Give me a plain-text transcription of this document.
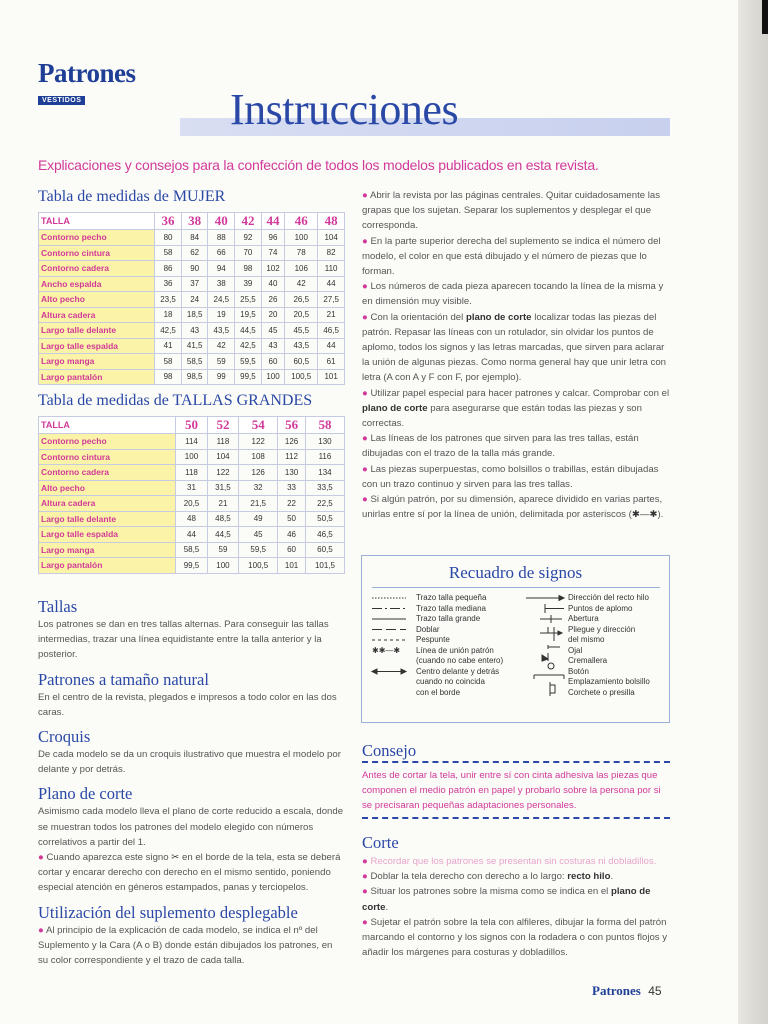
Patrones
VESTIDOS	Instrucciones
Explicaciones y consejos para la confección de todos los modelos publicados en esta revista.
Tabla de medidas de MUJER
TALLA	36	38	40	42	44	46	48
Contorno pecho	80	84	88	92	96	100	104
Contorno cintura	58	62	66	70	74	78	82
Contorno cadera	86	90	94	98	102	106	110
Ancho espalda	36	37	38	39	40	42	44
Alto pecho	23,5	24	24,5	25,5	26	26,5	27,5
Altura cadera	18	18,5	19	19,5	20	20,5	21
Largo talle delante	42,5	43	43,5	44,5	45	45,5	46,5
Largo talle espalda	41	41,5	42	42,5	43	43,5	44
Largo manga	58	58,5	59	59,5	60	60,5	61
Largo pantalón	98	98,5	99	99,5	100	100,5	101
Tabla de medidas de TALLAS GRANDES
TALLA	50	52	54	56	58
Contorno pecho	114	118	122	126	130
Contorno cintura	100	104	108	112	116
Contorno cadera	118	122	126	130	134
Alto pecho	31	31,5	32	33	33,5
Altura cadera	20,5	21	21,5	22	22,5
Largo talle delante	48	48,5	49	50	50,5
Largo talle espalda	44	44,5	45	46	46,5
Largo manga	58,5	59	59,5	60	60,5
Largo pantalón	99,5	100	100,5	101	101,5
Tallas

Los patrones se dan en tres tallas alternas. Para conseguir las tallas intermedias, trazar una línea equidistante entre la talla anterior y la posterior.

Patrones a tamaño natural

En el centro de la revista, plegados e impresos a todo color en las dos caras.

Croquis

De cada modelo se da un croquis ilustrativo que muestra el modelo por delante y por detrás.

Plano de corte

Asimismo cada modelo lleva el plano de corte reducido a escala, donde se muestran todos los patrones del modelo elegido con números correlativos a partir del 1.

● Cuando aparezca este signo ✂ en el borde de la tela, esta se deberá cortar y encarar derecho con derecho en el mismo sentido, poniendo especial atención en géneros estampados, panas y terciopelos.

Utilización del suplemento desplegable

● Al principio de la explicación de cada modelo, se indica el nº del Suplemento y la Cara (A o B) donde están dibujados los patrones, en su color correspondiente y el trazo de cada talla.

● Abrir la revista por las páginas centrales. Quitar cuidadosamente las grapas que los sujetan. Separar los suplementos y desplegar el que corresponda.

● En la parte superior derecha del suplemento se indica el número del modelo, el color en que está dibujado y el número de piezas que lo forman.

● Los números de cada pieza aparecen tocando la línea de la misma y en dimensión muy visible.

● Con la orientación del plano de corte localizar todas las piezas del patrón. Repasar las líneas con un rotulador, sin olvidar los puntos de aplomo, todos los signos y las letras marcadas, que sirven para aclarar la unión de algunas piezas. Como norma general hay que unir letra con letra (A con A y F con F, por ejemplo).

● Utilizar papel especial para hacer patrones y calcar. Comprobar con el plano de corte para asegurarse que están todas las piezas y son correctas.

● Las líneas de los patrones que sirven para las tres tallas, están dibujadas con el trazo de la talla más grande.

● Las piezas superpuestas, como bolsillos o trabillas, están dibujadas con un trazo continuo y sirven para las tres tallas.

● Si algún patrón, por su dimensión, aparece dividido en varias partes, unirlas entre sí por la línea de unión, delimitada por asteriscos (✱—✱).

Recuadro de signos
✱✱—✱
Trazo talla pequeña
Trazo talla mediana
Trazo talla grande
Doblar
Pespunte
Línea de unión patrón
(cuando no cabe entero)
Centro delante y detrás
cuando no coincida
con el borde
Dirección del recto hilo
Puntos de aplomo
Abertura
Pliegue y dirección
del mismo
Ojal
Cremallera
Botón
Emplazamiento bolsillo
Corchete o presilla
Consejo
Antes de cortar la tela, unir entre sí con cinta adhesiva las piezas que componen el medio patrón en papel y probarlo sobre la persona por si se precisaran pequeñas adaptaciones personales.
Corte

● Recordar que los patrones se presentan sin costuras ni dobladillos.

● Doblar la tela derecho con derecho a lo largo: recto hilo.

● Situar los patrones sobre la misma como se indica en el plano de corte.

● Sujetar el patrón sobre la tela con alfileres, dibujar la forma del patrón marcando el contorno y los signos con la rodadera o con puntos flojos y añadir los márgenes para costuras y dobladillos.

Patrones 45
